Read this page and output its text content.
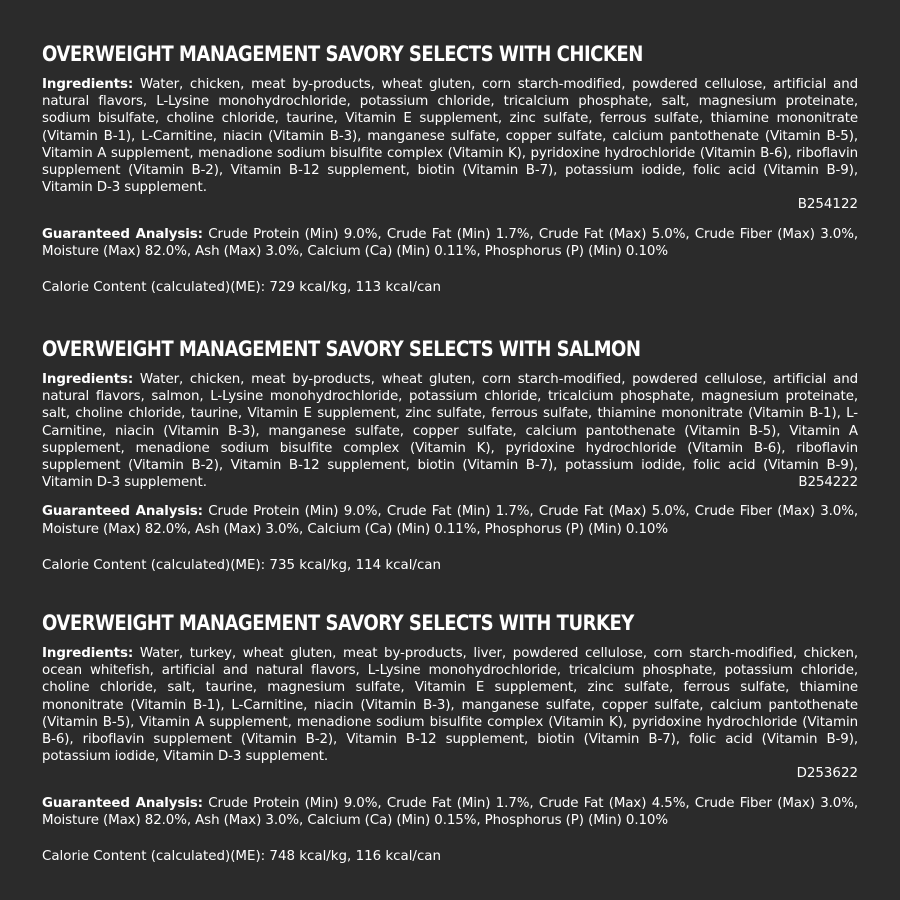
OVERWEIGHT MANAGEMENT SAVORY SELECTS WITH CHICKEN

Ingredients: Water, chicken, meat by-products, wheat gluten, corn starch-modified, powdered cellulose, artificial and natural flavors, L-Lysine monohydrochloride, potassium chloride, tricalcium phosphate, salt, magnesium proteinate, sodium bisulfate, choline chloride, taurine, Vitamin E supplement, zinc sulfate, ferrous sulfate, thiamine mononitrate (Vitamin B-1), L-Carnitine, niacin (Vitamin B-3), manganese sulfate, copper sulfate, calcium pantothenate (Vitamin B-5), Vitamin A supplement, menadione sodium bisulfite complex (Vitamin K), pyridoxine hydrochloride (Vitamin B-6), riboflavin supplement (Vitamin B-2), Vitamin B-12 supplement, biotin (Vitamin B-7), potassium iodide, folic acid (Vitamin B-9), Vitamin D-3 supplement.

B254122

Guaranteed Analysis: Crude Protein (Min) 9.0%, Crude Fat (Min) 1.7%, Crude Fat (Max) 5.0%, Crude Fiber (Max) 3.0%, Moisture (Max) 82.0%, Ash (Max) 3.0%, Calcium (Ca) (Min) 0.11%, Phosphorus (P) (Min) 0.10%

Calorie Content (calculated)(ME): 729 kcal/kg, 113 kcal/can
OVERWEIGHT MANAGEMENT SAVORY SELECTS WITH SALMON

Ingredients: Water, chicken, meat by-products, wheat gluten, corn starch-modified, powdered cellulose, artificial and natural flavors, salmon, L-Lysine monohydrochloride, potassium chloride, tricalcium phosphate, magnesium proteinate, salt, choline chloride, taurine, Vitamin E supplement, zinc sulfate, ferrous sulfate, thiamine mononitrate (Vitamin B-1), L-Carnitine, niacin (Vitamin B-3), manganese sulfate, copper sulfate, calcium pantothenate (Vitamin B-5), Vitamin A supplement, menadione sodium bisulfite complex (Vitamin K), pyridoxine hydrochloride (Vitamin B-6), riboflavin supplement (Vitamin B-2), Vitamin B-12 supplement, biotin (Vitamin B-7), potassium iodide, folic acid (Vitamin B-9), Vitamin D-3 supplement.	B254222

Guaranteed Analysis: Crude Protein (Min) 9.0%, Crude Fat (Min) 1.7%, Crude Fat (Max) 5.0%, Crude Fiber (Max) 3.0%, Moisture (Max) 82.0%, Ash (Max) 3.0%, Calcium (Ca) (Min) 0.11%, Phosphorus (P) (Min) 0.10%

Calorie Content (calculated)(ME): 735 kcal/kg, 114 kcal/can
OVERWEIGHT MANAGEMENT SAVORY SELECTS WITH TURKEY

Ingredients: Water, turkey, wheat gluten, meat by-products, liver, powdered cellulose, corn starch-modified, chicken, ocean whitefish, artificial and natural flavors, L-Lysine monohydrochloride, tricalcium phosphate, potassium chloride, choline chloride, salt, taurine, magnesium sulfate, Vitamin E supplement, zinc sulfate, ferrous sulfate, thiamine mononitrate (Vitamin B-1), L-Carnitine, niacin (Vitamin B-3), manganese sulfate, copper sulfate, calcium pantothenate (Vitamin B-5), Vitamin A supplement, menadione sodium bisulfite complex (Vitamin K), pyridoxine hydrochloride (Vitamin B-6), riboflavin supplement (Vitamin B-2), Vitamin B-12 supplement, biotin (Vitamin B-7), folic acid (Vitamin B-9), potassium iodide, Vitamin D-3 supplement.

D253622

Guaranteed Analysis: Crude Protein (Min) 9.0%, Crude Fat (Min) 1.7%, Crude Fat (Max) 4.5%, Crude Fiber (Max) 3.0%, Moisture (Max) 82.0%, Ash (Max) 3.0%, Calcium (Ca) (Min) 0.15%, Phosphorus (P) (Min) 0.10%

Calorie Content (calculated)(ME): 748 kcal/kg, 116 kcal/can
